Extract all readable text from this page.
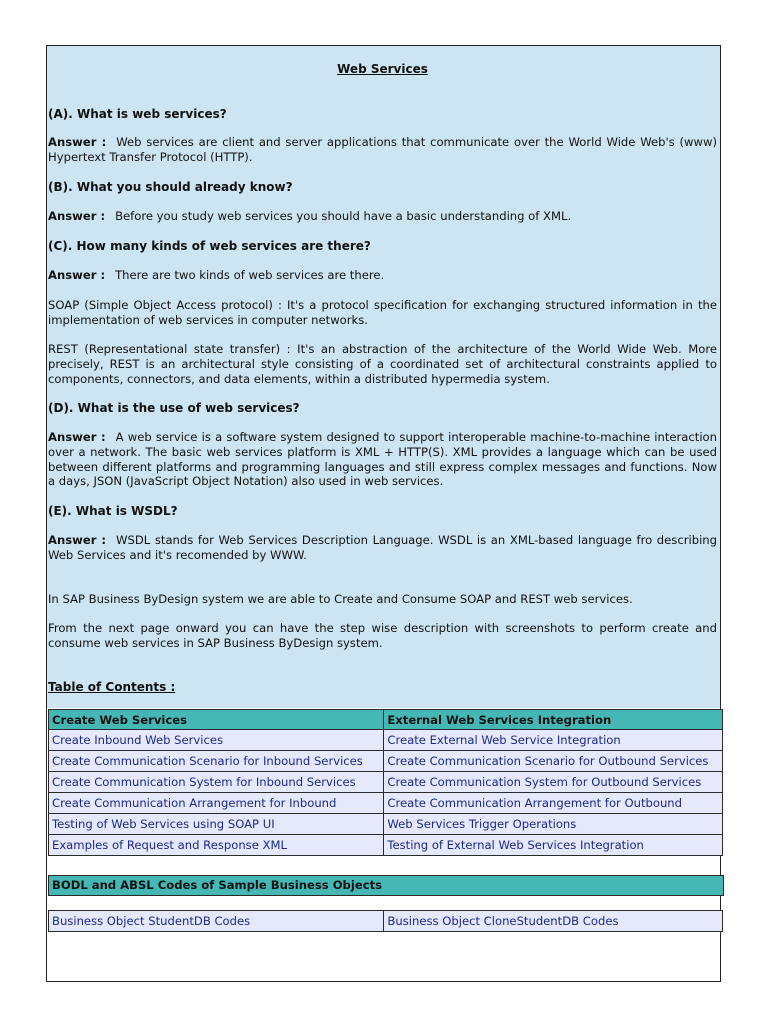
Web Services
(A). What is web services?
Answer : Web services are client and server applications that communicate over the World Wide Web's (www) Hypertext Transfer Protocol (HTTP).
(B). What you should already know?
Answer : Before you study web services you should have a basic understanding of XML.
(C). How many kinds of web services are there?
Answer : There are two kinds of web services are there.
SOAP (Simple Object Access protocol) : It's a protocol specification for exchanging structured information in the implementation of web services in computer networks.
REST (Representational state transfer) : It's an abstraction of the architecture of the World Wide Web. More precisely, REST is an architectural style consisting of a coordinated set of architectural constraints applied to components, connectors, and data elements, within a distributed hypermedia system.
(D). What is the use of web services?
Answer : A web service is a software system designed to support interoperable machine-to-machine interaction over a network. The basic web services platform is XML + HTTP(S). XML provides a language which can be used between different platforms and programming languages and still express complex messages and functions. Now a days, JSON (JavaScript Object Notation) also used in web services.
(E). What is WSDL?
Answer : WSDL stands for Web Services Description Language. WSDL is an XML-based language fro describing Web Services and it's recomended by WWW.
In SAP Business ByDesign system we are able to Create and Consume SOAP and REST web services.
From the next page onward you can have the step wise description with screenshots to perform create and consume web services in SAP Business ByDesign system.
Table of Contents :
Create Web Services	External Web Services Integration
Create Inbound Web Services	Create External Web Service Integration
Create Communication Scenario for Inbound Services	Create Communication Scenario for Outbound Services
Create Communication System for Inbound Services	Create Communication System for Outbound Services
Create Communication Arrangement for Inbound	Create Communication Arrangement for Outbound
Testing of Web Services using SOAP UI	Web Services Trigger Operations
Examples of Request and Response XML	Testing of External Web Services Integration
BODL and ABSL Codes of Sample Business Objects
Business Object StudentDB Codes	Business Object CloneStudentDB Codes
